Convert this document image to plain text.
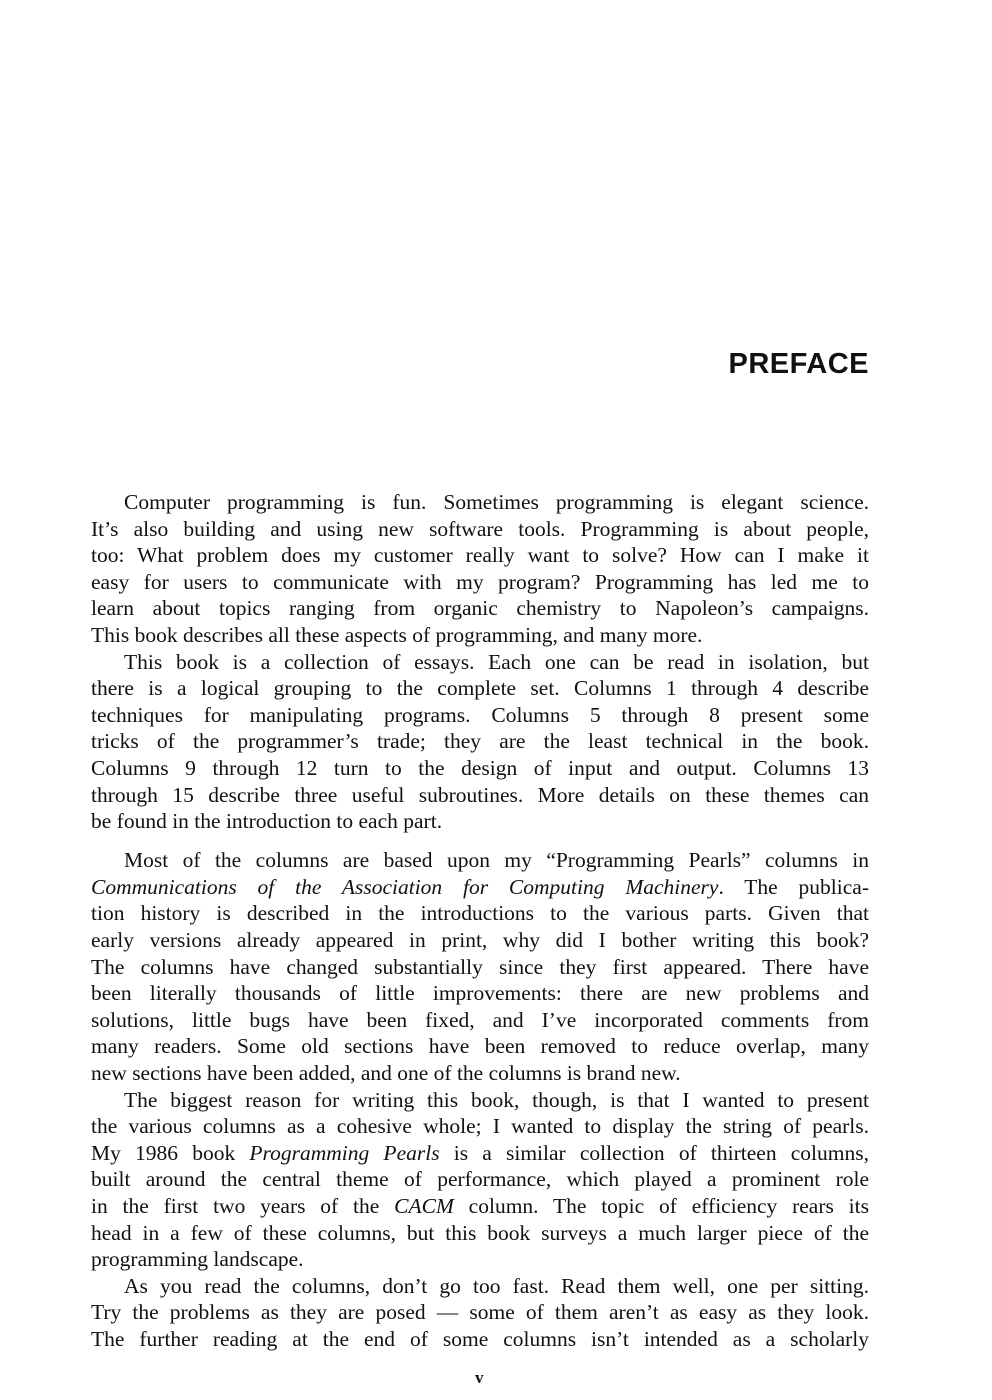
PREFACE
Computer programming is fun. Sometimes programming is elegant science.
It’s also building and using new software tools. Programming is about people,
too: What problem does my customer really want to solve? How can I make it
easy for users to communicate with my program? Programming has led me to
learn about topics ranging from organic chemistry to Napoleon’s campaigns.
This book describes all these aspects of programming, and many more.
This book is a collection of essays. Each one can be read in isolation, but
there is a logical grouping to the complete set. Columns 1 through 4 describe
techniques for manipulating programs. Columns 5 through 8 present some
tricks of the programmer’s trade; they are the least technical in the book.
Columns 9 through 12 turn to the design of input and output. Columns 13
through 15 describe three useful subroutines. More details on these themes can
be found in the introduction to each part.
Most of the columns are based upon my “Programming Pearls” columns in
Communications of the Association for Computing Machinery. The publica-
tion history is described in the introductions to the various parts. Given that
early versions already appeared in print, why did I bother writing this book?
The columns have changed substantially since they first appeared. There have
been literally thousands of little improvements: there are new problems and
solutions, little bugs have been fixed, and I’ve incorporated comments from
many readers. Some old sections have been removed to reduce overlap, many
new sections have been added, and one of the columns is brand new.
The biggest reason for writing this book, though, is that I wanted to present
the various columns as a cohesive whole; I wanted to display the string of pearls.
My 1986 book Programming Pearls is a similar collection of thirteen columns,
built around the central theme of performance, which played a prominent role
in the first two years of the CACM column. The topic of efficiency rears its
head in a few of these columns, but this book surveys a much larger piece of the
programming landscape.
As you read the columns, don’t go too fast. Read them well, one per sitting.
Try the problems as they are posed — some of them aren’t as easy as they look.
The further reading at the end of some columns isn’t intended as a scholarly
v
